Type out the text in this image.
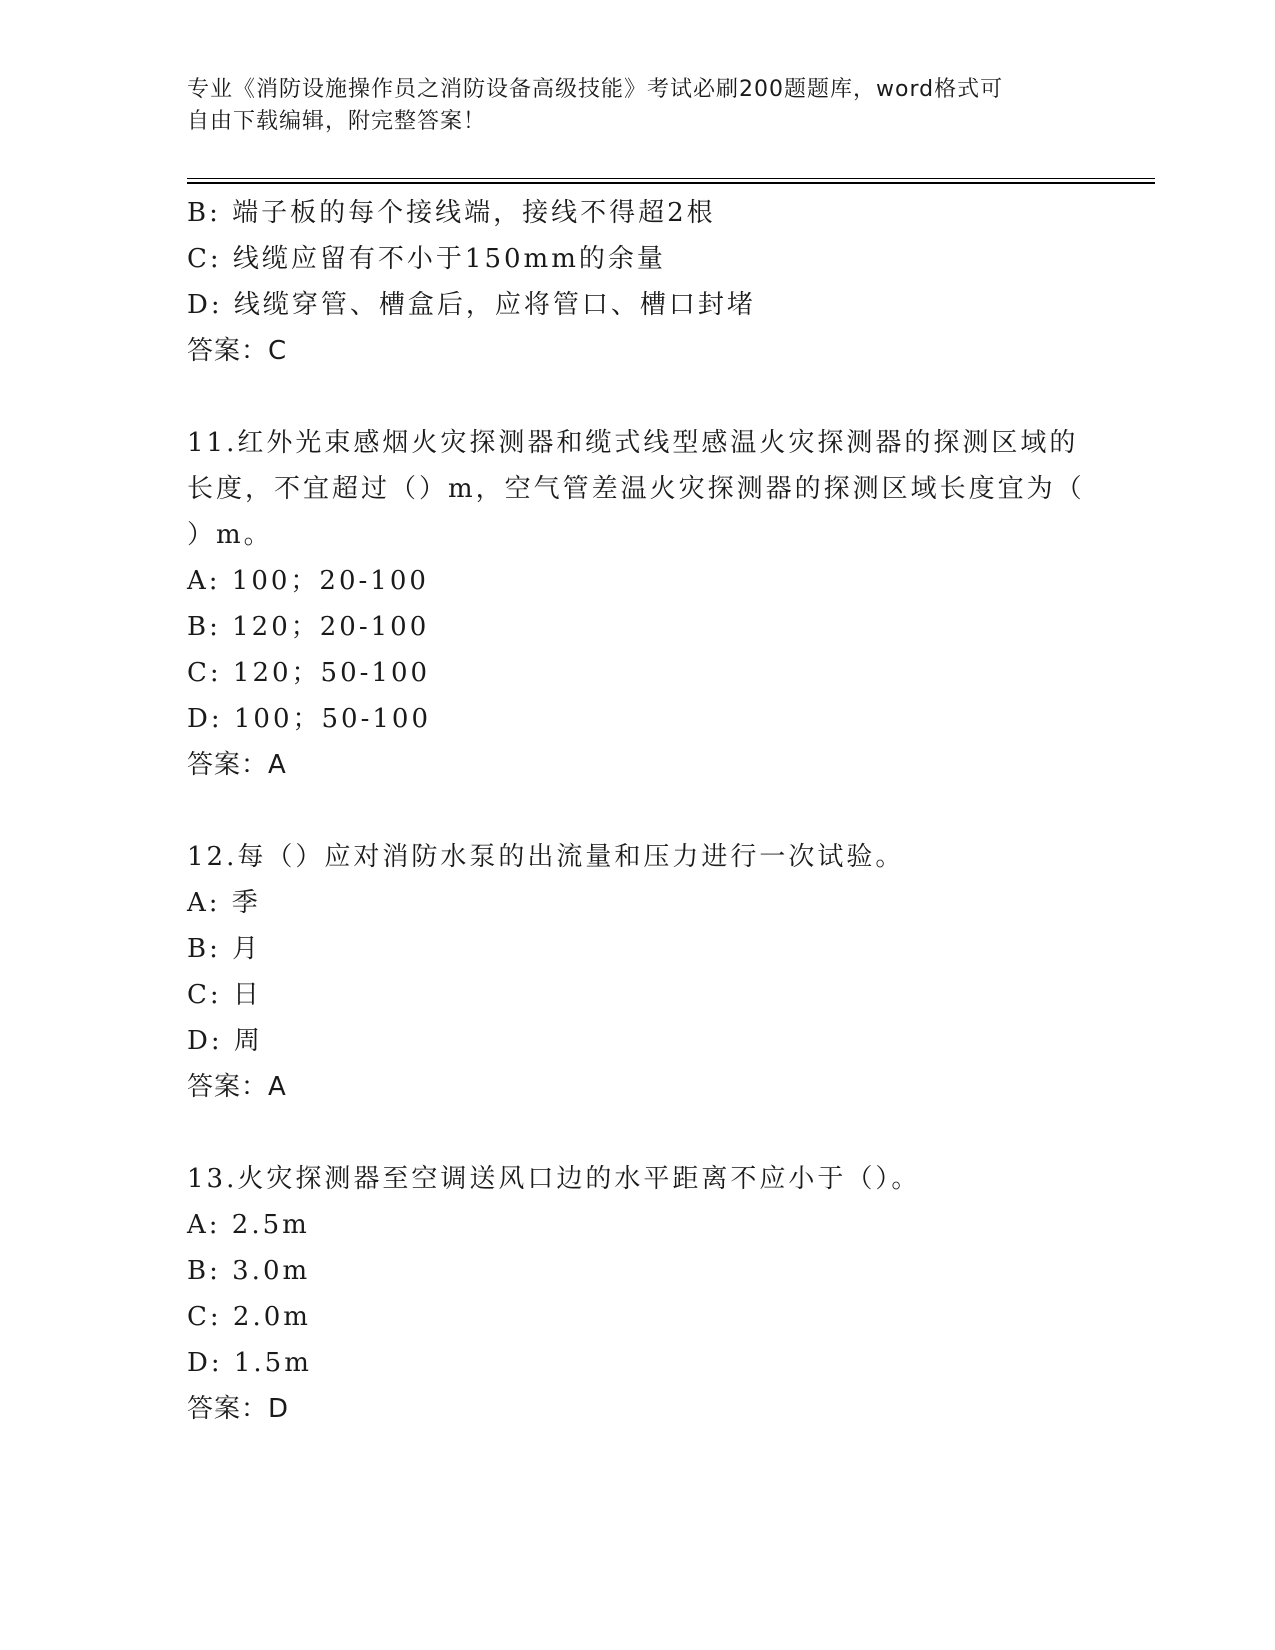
专业《消防设施操作员之消防设备高级技能》考试必刷200题题库，word格式可
自由下载编辑，附完整答案！
B: 端子板的每个接线端，接线不得超2根
C: 线缆应留有不小于150mm的余量
D: 线缆穿管、槽盒后，应将管口、槽口封堵
答案：C
11.红外光束感烟火灾探测器和缆式线型感温火灾探测器的探测区域的
长度，不宜超过（）m，空气管差温火灾探测器的探测区域长度宜为（
）m。
A: 100；20-100
B: 120；20-100
C: 120；50-100
D: 100；50-100
答案：A
12.每（）应对消防水泵的出流量和压力进行一次试验。
A: 季
B: 月
C: 日
D: 周
答案：A
13.火灾探测器至空调送风口边的水平距离不应小于（）。
A: 2.5m
B: 3.0m
C: 2.0m
D: 1.5m
答案：D
